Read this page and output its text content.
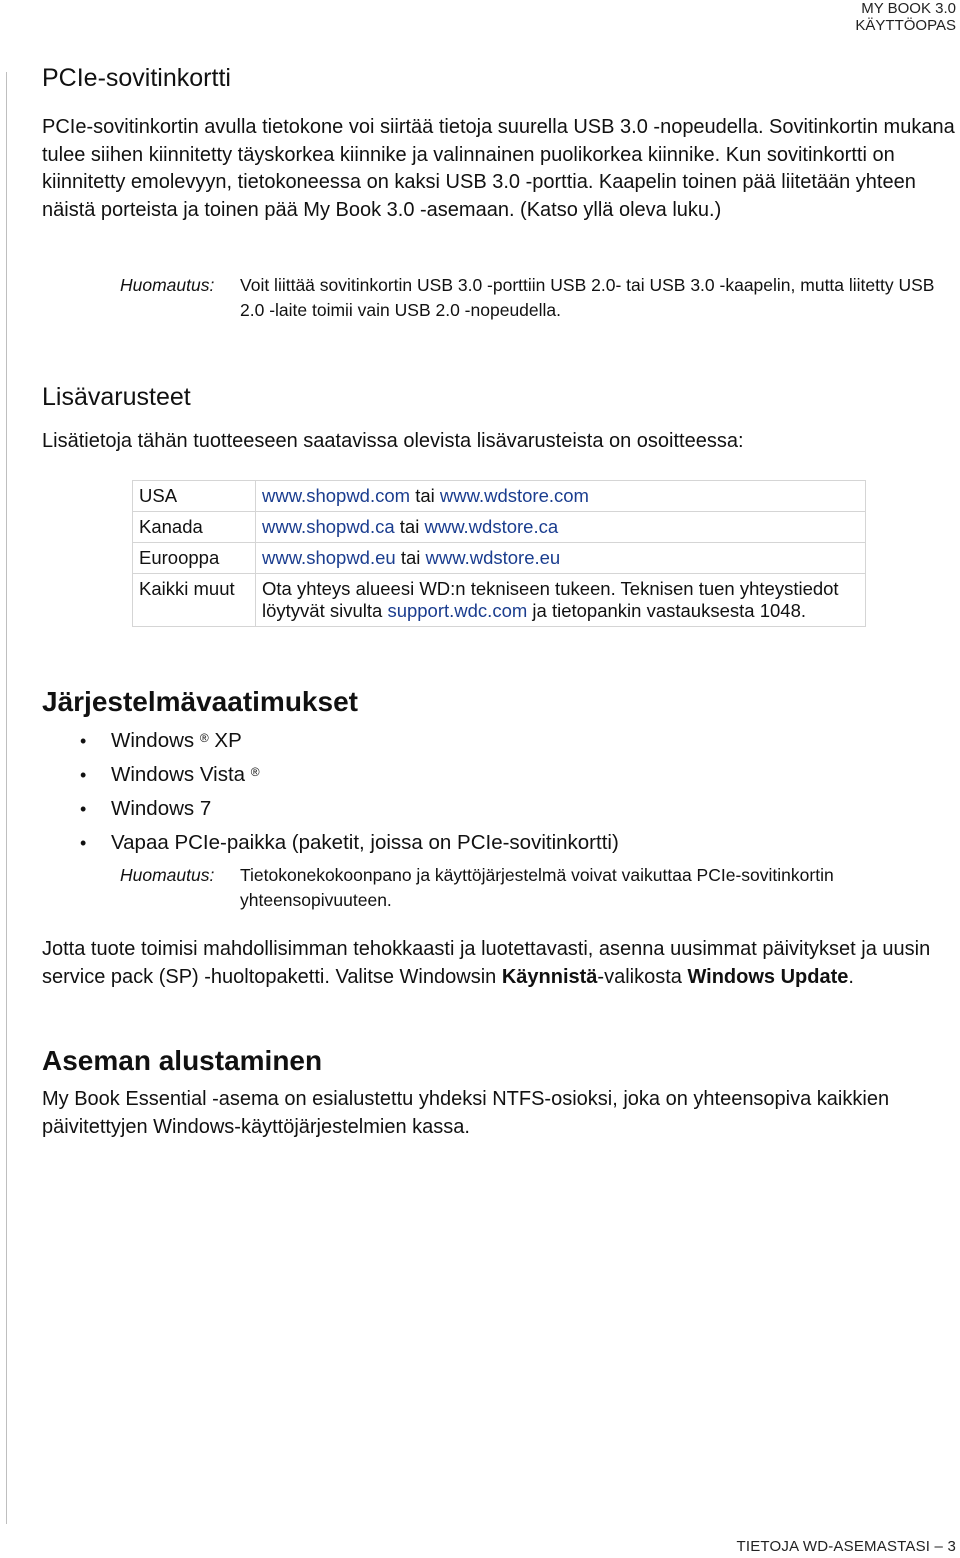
MY BOOK 3.0
KÄYTTÖOPAS
PCIe-sovitinkortti

PCIe-sovitinkortin avulla tietokone voi siirtää tietoja suurella USB 3.0 -nopeudella. Sovitinkortin mukana tulee siihen kiinnitetty täyskorkea kiinnike ja valinnainen puolikorkea kiinnike. Kun sovitinkortti on kiinnitetty emolevyyn, tietokoneessa on kaksi USB 3.0 -porttia. Kaapelin toinen pää liitetään yhteen näistä porteista ja toinen pää My Book 3.0 -asemaan. (Katso yllä oleva luku.)

Huomautus:	Voit liittää sovitinkortin USB 3.0 -porttiin USB 2.0- tai USB 3.0 -kaapelin, mutta liitetty USB 2.0 -laite toimii vain USB 2.0 -nopeudella.
Lisävarusteet

Lisätietoja tähän tuotteeseen saatavissa olevista lisävarusteista on osoitteessa:

USA	www.shopwd.com tai www.wdstore.com
Kanada	www.shopwd.ca tai www.wdstore.ca
Eurooppa	www.shopwd.eu tai www.wdstore.eu
Kaikki muut	Ota yhteys alueesi WD:n tekniseen tukeen. Teknisen tuen yhteystiedot löytyvät sivulta support.wdc.com ja tietopankin vastauksesta 1048.
Järjestelmävaatimukset
• Windows ® XP
• Windows Vista ®
• Windows 7
• Vapaa PCIe-paikka (paketit, joissa on PCIe-sovitinkortti)
Huomautus:	Tietokonekokoonpano ja käyttöjärjestelmä voivat vaikuttaa PCIe-sovitinkortin yhteensopivuuteen.

Jotta tuote toimisi mahdollisimman tehokkaasti ja luotettavasti, asenna uusimmat päivitykset ja uusin service pack (SP) -huoltopaketti. Valitse Windowsin Käynnistä-valikosta Windows Update.

Aseman alustaminen

My Book Essential -asema on esialustettu yhdeksi NTFS-osioksi, joka on yhteensopiva kaikkien päivitettyjen Windows-käyttöjärjestelmien kassa.

TIETOJA WD-ASEMASTASI – 3
